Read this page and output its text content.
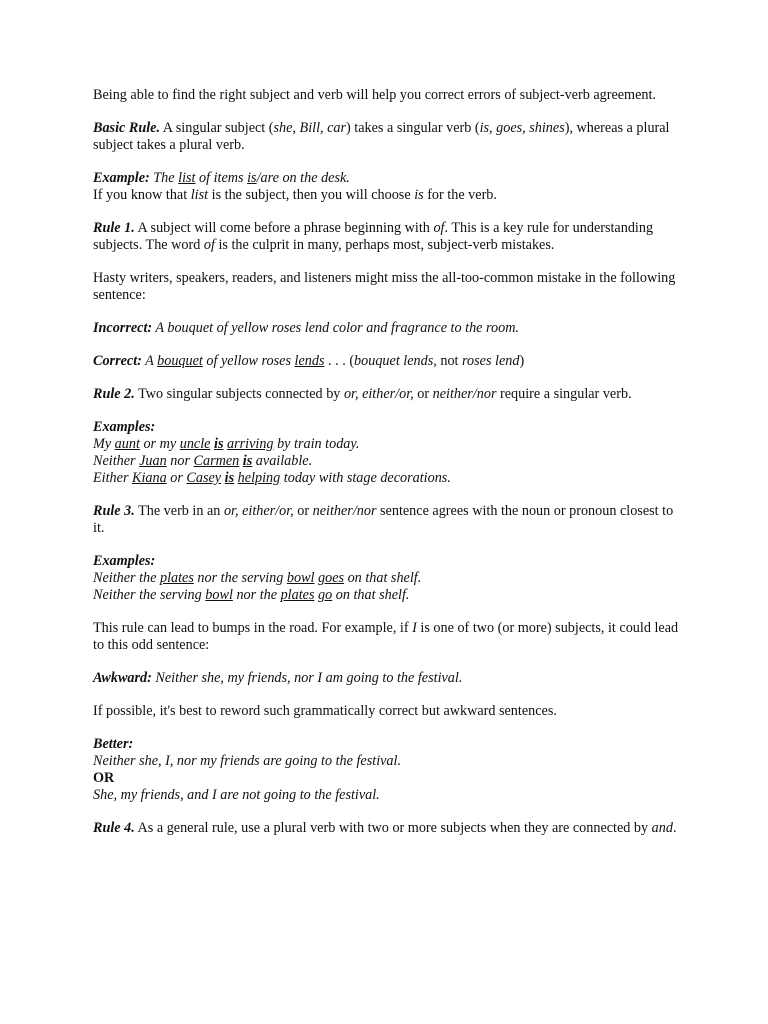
Being able to find the right subject and verb will help you correct errors of subject-verb agreement.

Basic Rule. A singular subject (she, Bill, car) takes a singular verb (is, goes, shines), whereas a plural subject takes a plural verb.

Example: The list of items is/are on the desk.
If you know that list is the subject, then you will choose is for the verb.

Rule 1. A subject will come before a phrase beginning with of. This is a key rule for understanding subjects. The word of is the culprit in many, perhaps most, subject-verb mistakes.

Hasty writers, speakers, readers, and listeners might miss the all-too-common mistake in the following sentence:

Incorrect: A bouquet of yellow roses lend color and fragrance to the room.

Correct: A bouquet of yellow roses lends . . . (bouquet lends, not roses lend)

Rule 2. Two singular subjects connected by or, either/or, or neither/nor require a singular verb.

Examples:
My aunt or my uncle is arriving by train today.
Neither Juan nor Carmen is available.
Either Kiana or Casey is helping today with stage decorations.

Rule 3. The verb in an or, either/or, or neither/nor sentence agrees with the noun or pronoun closest to it.

Examples:
Neither the plates nor the serving bowl goes on that shelf.
Neither the serving bowl nor the plates go on that shelf.

This rule can lead to bumps in the road. For example, if I is one of two (or more) subjects, it could lead to this odd sentence:

Awkward: Neither she, my friends, nor I am going to the festival.

If possible, it's best to reword such grammatically correct but awkward sentences.

Better:
Neither she, I, nor my friends are going to the festival.
OR
She, my friends, and I are not going to the festival.

Rule 4. As a general rule, use a plural verb with two or more subjects when they are connected by and.
